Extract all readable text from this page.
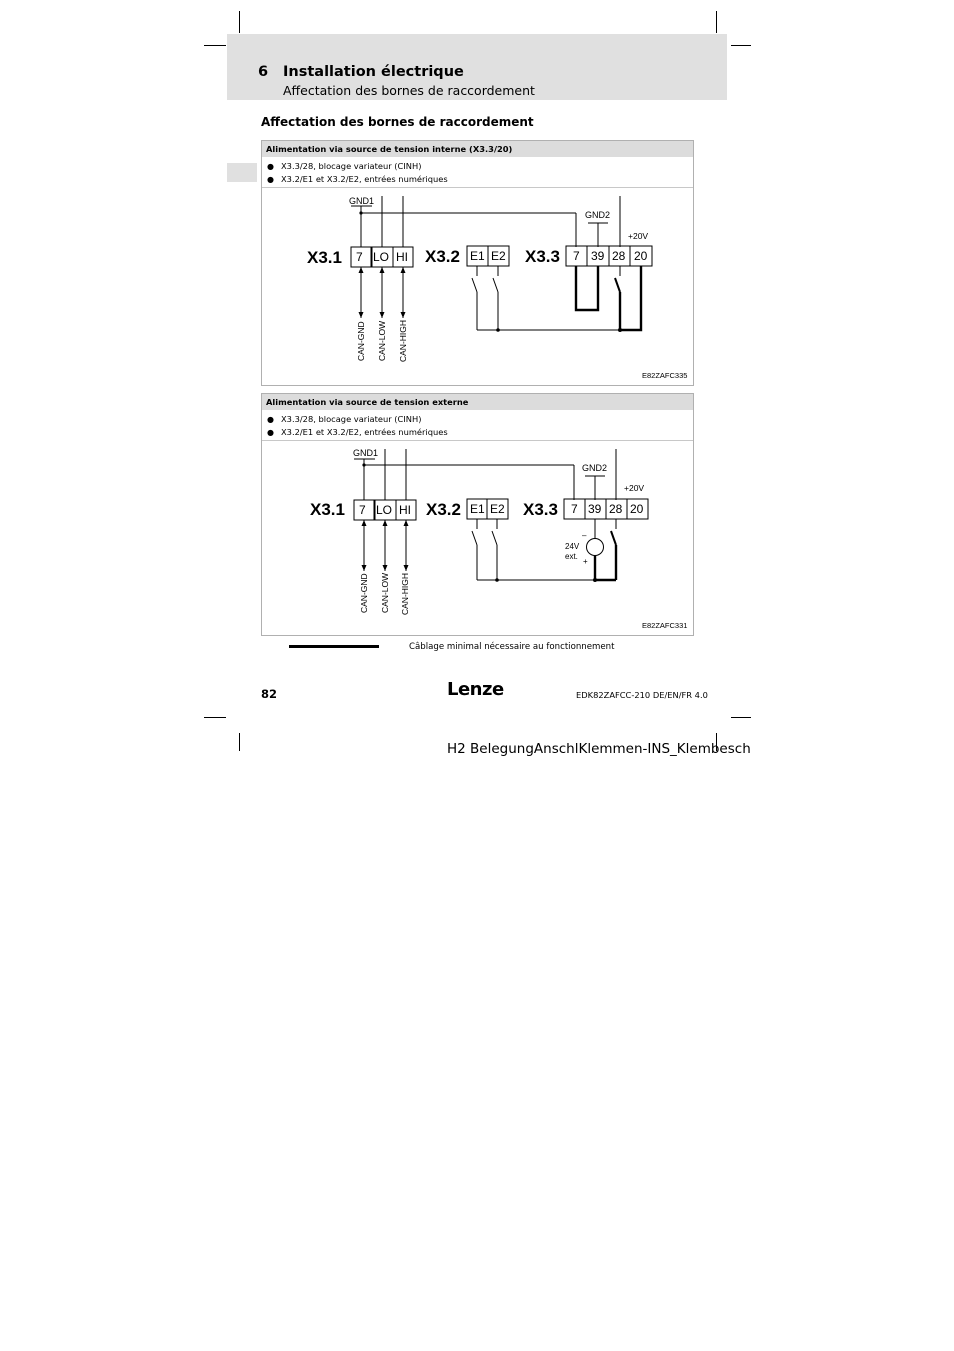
6 Installation électrique
Affectation des bornes de raccordement
Affectation des bornes de raccordement
Alimentation via source de tension interne (X3.3/20)
● X3.3/28, blocage variateur (CINH)
● X3.2/E1 et X3.2/E2, entrées numériques
GND1
GND2
+20V
X3.1	X3.2	X3.3
7 LO HI	E1 E2	7 39 28 20
CAN-GND CAN-LOW CAN-HIGH
E82ZAFC335
Alimentation via source de tension externe
● X3.3/28, blocage variateur (CINH)
● X3.2/E1 et X3.2/E2, entrées numériques
GND1
GND2
+20V
X3.1	X3.2	X3.3
7 LO HI	E1 E2	7 39 28 20
–
24V
ext.
+
CAN-GND CAN-LOW CAN-HIGH
E82ZAFC331
Câblage minimal nécessaire au fonctionnement
82	Lenze	EDK82ZAFCC-210 DE/EN/FR 4.0
H2 BelegungAnschlKlemmen-INS_Klembesch
